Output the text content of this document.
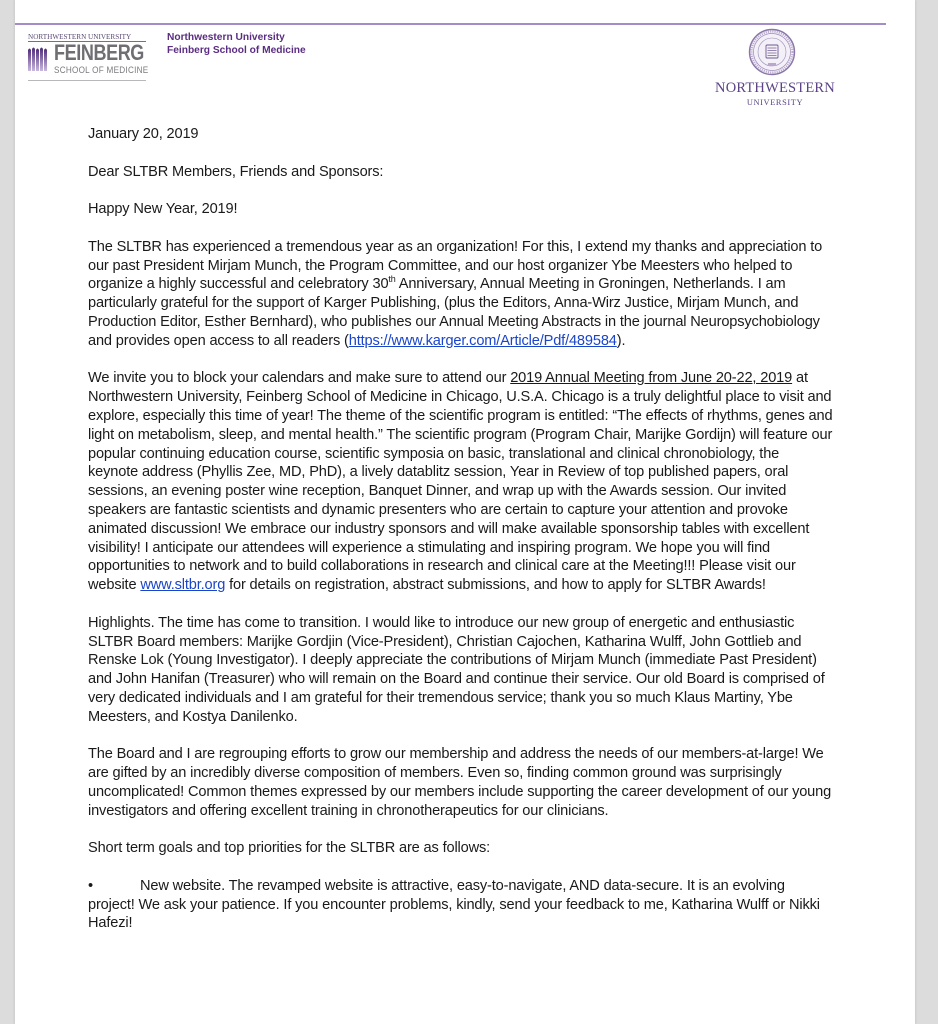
NORTHWESTERN UNIVERSITY
FEINBERG
SCHOOL OF MEDICINE
Northwestern University
Feinberg School of Medicine
NORTHWESTERN
UNIVERSITY

January 20, 2019

Dear SLTBR Members, Friends and Sponsors:

Happy New Year, 2019!

The SLTBR has experienced a tremendous year as an organization! For this, I extend my thanks and appreciation to our past President Mirjam Munch, the Program Committee, and our host organizer Ybe Meesters who helped to organize a highly successful and celebratory 30th Anniversary, Annual Meeting in Groningen, Netherlands. I am particularly grateful for the support of Karger Publishing, (plus the Editors, Anna-Wirz Justice, Mirjam Munch, and Production Editor, Esther Bernhard), who publishes our Annual Meeting Abstracts in the journal Neuropsychobiology and provides open access to all readers (https://www.karger.com/Article/Pdf/489584).

We invite you to block your calendars and make sure to attend our 2019 Annual Meeting from June 20-22, 2019 at Northwestern University, Feinberg School of Medicine in Chicago, U.S.A. Chicago is a truly delightful place to visit and explore, especially this time of year! The theme of the scientific program is entitled: “The effects of rhythms, genes and light on metabolism, sleep, and mental health.” The scientific program (Program Chair, Marijke Gordijn) will feature our popular continuing education course, scientific symposia on basic, translational and clinical chronobiology, the keynote address (Phyllis Zee, MD, PhD), a lively datablitz session, Year in Review of top published papers, oral sessions, an evening poster wine reception, Banquet Dinner, and wrap up with the Awards session. Our invited speakers are fantastic scientists and dynamic presenters who are certain to capture your attention and provoke animated discussion! We embrace our industry sponsors and will make available sponsorship tables with excellent visibility! I anticipate our attendees will experience a stimulating and inspiring program. We hope you will find opportunities to network and to build collaborations in research and clinical care at the Meeting!!! Please visit our website www.sltbr.org for details on registration, abstract submissions, and how to apply for SLTBR Awards!

Highlights. The time has come to transition. I would like to introduce our new group of energetic and enthusiastic SLTBR Board members: Marijke Gordjin (Vice-President), Christian Cajochen, Katharina Wulff, John Gottlieb and Renske Lok (Young Investigator). I deeply appreciate the contributions of Mirjam Munch (immediate Past President) and John Hanifan (Treasurer) who will remain on the Board and continue their service. Our old Board is comprised of very dedicated individuals and I am grateful for their tremendous service; thank you so much Klaus Martiny, Ybe Meesters, and Kostya Danilenko.

The Board and I are regrouping efforts to grow our membership and address the needs of our members-at-large! We are gifted by an incredibly diverse composition of members. Even so, finding common ground was surprisingly uncomplicated! Common themes expressed by our members include supporting the career development of our young investigators and offering excellent training in chronotherapeutics for our clinicians.

Short term goals and top priorities for the SLTBR are as follows:

•	New website. The revamped website is attractive, easy-to-navigate, AND data-secure. It is an evolving project! We ask your patience. If you encounter problems, kindly, send your feedback to me, Katharina Wulff or Nikki Hafezi!
